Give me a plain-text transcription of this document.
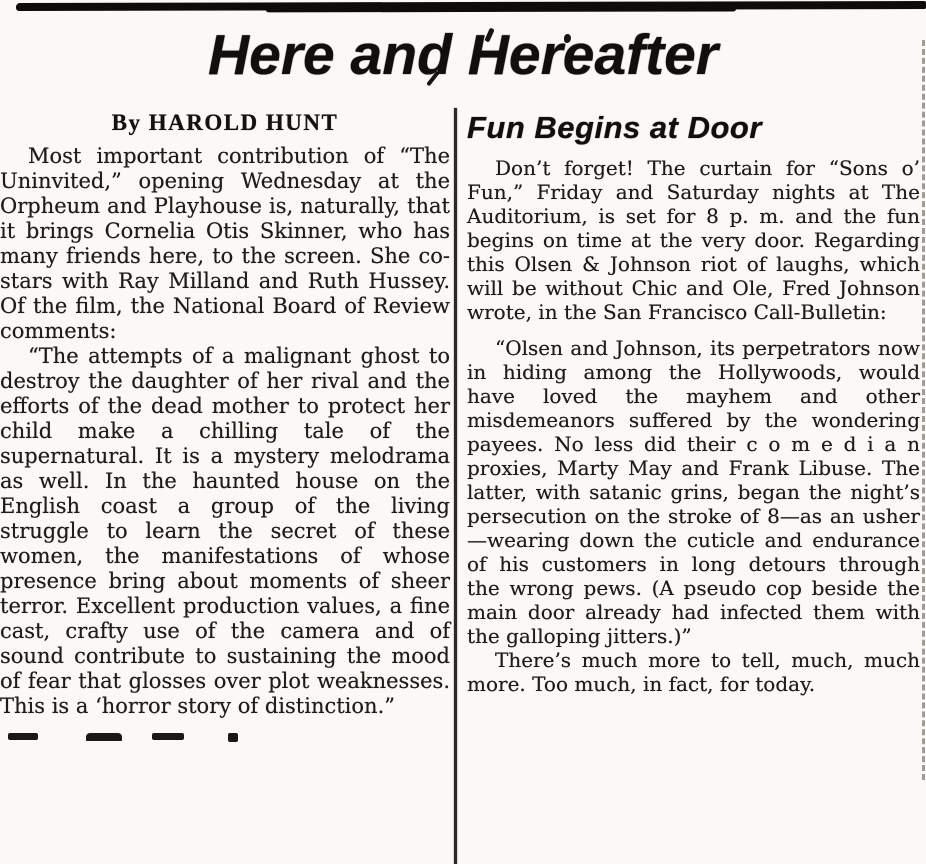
Here and Hereafter
By HAROLD HUNT

Most important contribution of “The Uninvited,” opening Wednesday at the Orpheum and Playhouse is, naturally, that it brings Cornelia Otis Skinner, who has many friends here, to the screen. She co-stars with Ray Milland and Ruth Hussey. Of the film, the National Board of Review comments:

“The attempts of a malignant ghost to destroy the daughter of her rival and the efforts of the dead mother to protect her child make a chilling tale of the supernatural. It is a mystery melodrama as well. In the haunted house on the English coast a group of the living struggle to learn the secret of these women, the manifestations of whose presence bring about moments of sheer terror. Excellent production values, a fine cast, crafty use of the camera and of sound contribute to sustaining the mood of fear that glosses over plot weaknesses. This is a ‘horror story of distinction.”

Fun Begins at Door

Don’t forget! The curtain for “Sons o’ Fun,” Friday and Saturday nights at The Auditorium, is set for 8 p. m. and the fun begins on time at the very door. Regarding this Olsen & Johnson riot of laughs, which will be without Chic and Ole, Fred Johnson wrote, in the San Francisco Call-Bulletin:

“Olsen and Johnson, its perpetrators now in hiding among the Hollywoods, would have loved the mayhem and other misdemeanors suffered by the wondering payees. No less did their c o m e d i a n proxies, Marty May and Frank Libuse. The latter, with satanic grins, began the night’s persecution on the stroke of 8—as an usher—wearing down the cuticle and endurance of his customers in long detours through the wrong pews. (A pseudo cop beside the main door already had infected them with the galloping jitters.)”

There’s much more to tell, much, much more. Too much, in fact, for today.
